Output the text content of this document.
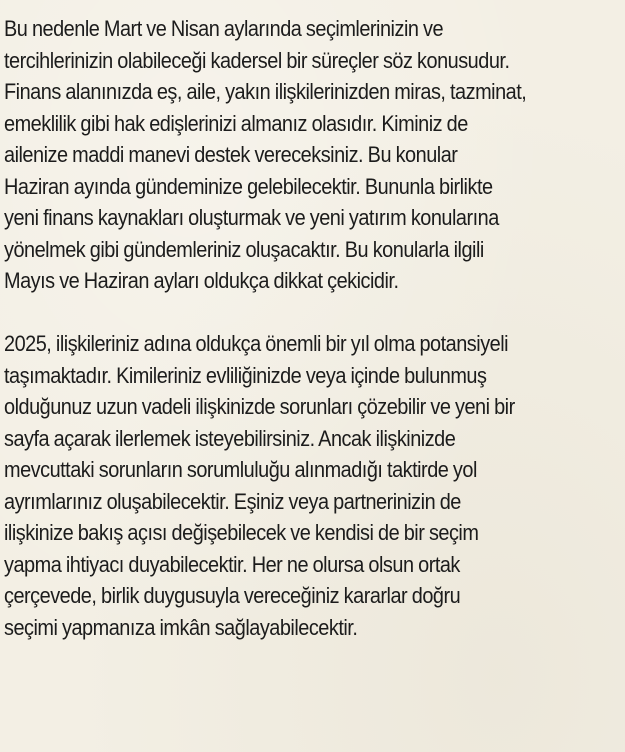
Bu nedenle Mart ve Nisan aylarında seçimlerinizin ve
tercihlerinizin olabileceği kadersel bir süreçler söz konusudur.
Finans alanınızda eş, aile, yakın ilişkilerinizden miras, tazminat,
emeklilik gibi hak edişlerinizi almanız olasıdır. Kiminiz de
ailenize maddi manevi destek vereceksiniz. Bu konular
Haziran ayında gündeminize gelebilecektir. Bununla birlikte
yeni finans kaynakları oluşturmak ve yeni yatırım konularına
yönelmek gibi gündemleriniz oluşacaktır. Bu konularla ilgili
Mayıs ve Haziran ayları oldukça dikkat çekicidir.
2025, ilişkileriniz adına oldukça önemli bir yıl olma potansiyeli
taşımaktadır. Kimileriniz evliliğinizde veya içinde bulunmuş
olduğunuz uzun vadeli ilişkinizde sorunları çözebilir ve yeni bir
sayfa açarak ilerlemek isteyebilirsiniz. Ancak ilişkinizde
mevcuttaki sorunların sorumluluğu alınmadığı taktirde yol
ayrımlarınız oluşabilecektir. Eşiniz veya partnerinizin de
ilişkinize bakış açısı değişebilecek ve kendisi de bir seçim
yapma ihtiyacı duyabilecektir. Her ne olursa olsun ortak
çerçevede, birlik duygusuyla vereceğiniz kararlar doğru
seçimi yapmanıza imkân sağlayabilecektir.
